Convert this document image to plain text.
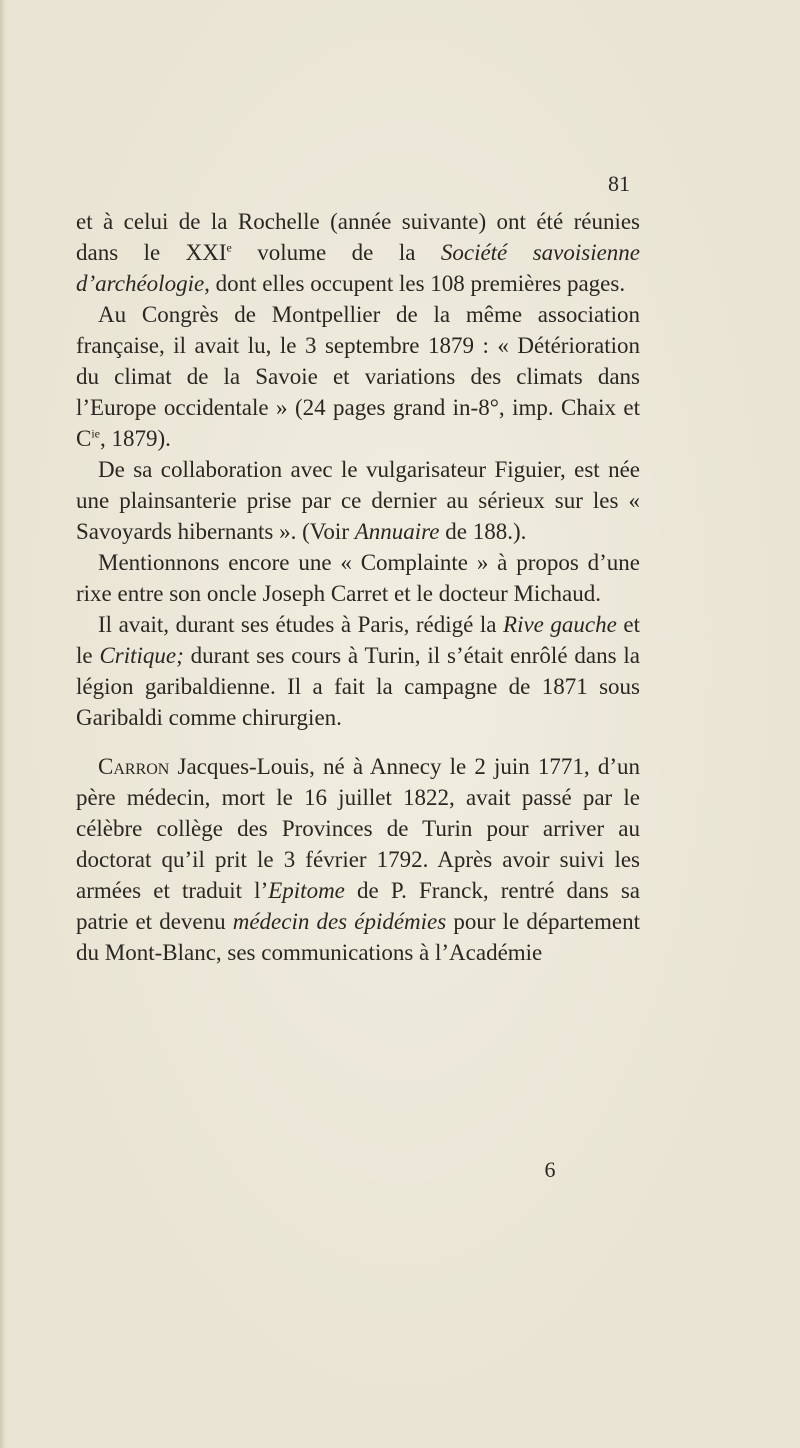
81

et à celui de la Rochelle (année suivante) ont été réunies dans le XXIe volume de la Société savoisienne d’archéologie, dont elles occupent les 108 premières pages.

Au Congrès de Montpellier de la même association française, il avait lu, le 3 septembre 1879 : « Détérioration du climat de la Savoie et variations des climats dans l’Europe occidentale » (24 pages grand in-8°, imp. Chaix et $C^{ie}$, 1879).

De sa collaboration avec le vulgarisateur Figuier, est née une plainsanterie prise par ce dernier au sérieux sur les « Savoyards hibernants ». (Voir Annuaire de 188.).

Mentionnons encore une « Complainte » à propos d’une rixe entre son oncle Joseph Carret et le docteur Michaud.

Il avait, durant ses études à Paris, rédigé la Rive gauche et le Critique; durant ses cours à Turin, il s’était enrôlé dans la légion garibaldienne. Il a fait la campagne de 1871 sous Garibaldi comme chirurgien.

Carron Jacques-Louis, né à Annecy le 2 juin 1771, d’un père médecin, mort le 16 juillet 1822, avait passé par le célèbre collège des Provinces de Turin pour arriver au doctorat qu’il prit le 3 février 1792. Après avoir suivi les armées et traduit l’Epitome de P. Franck, rentré dans sa patrie et devenu médecin des épidémies pour le département du Mont-Blanc, ses communications à l’Académie

6
